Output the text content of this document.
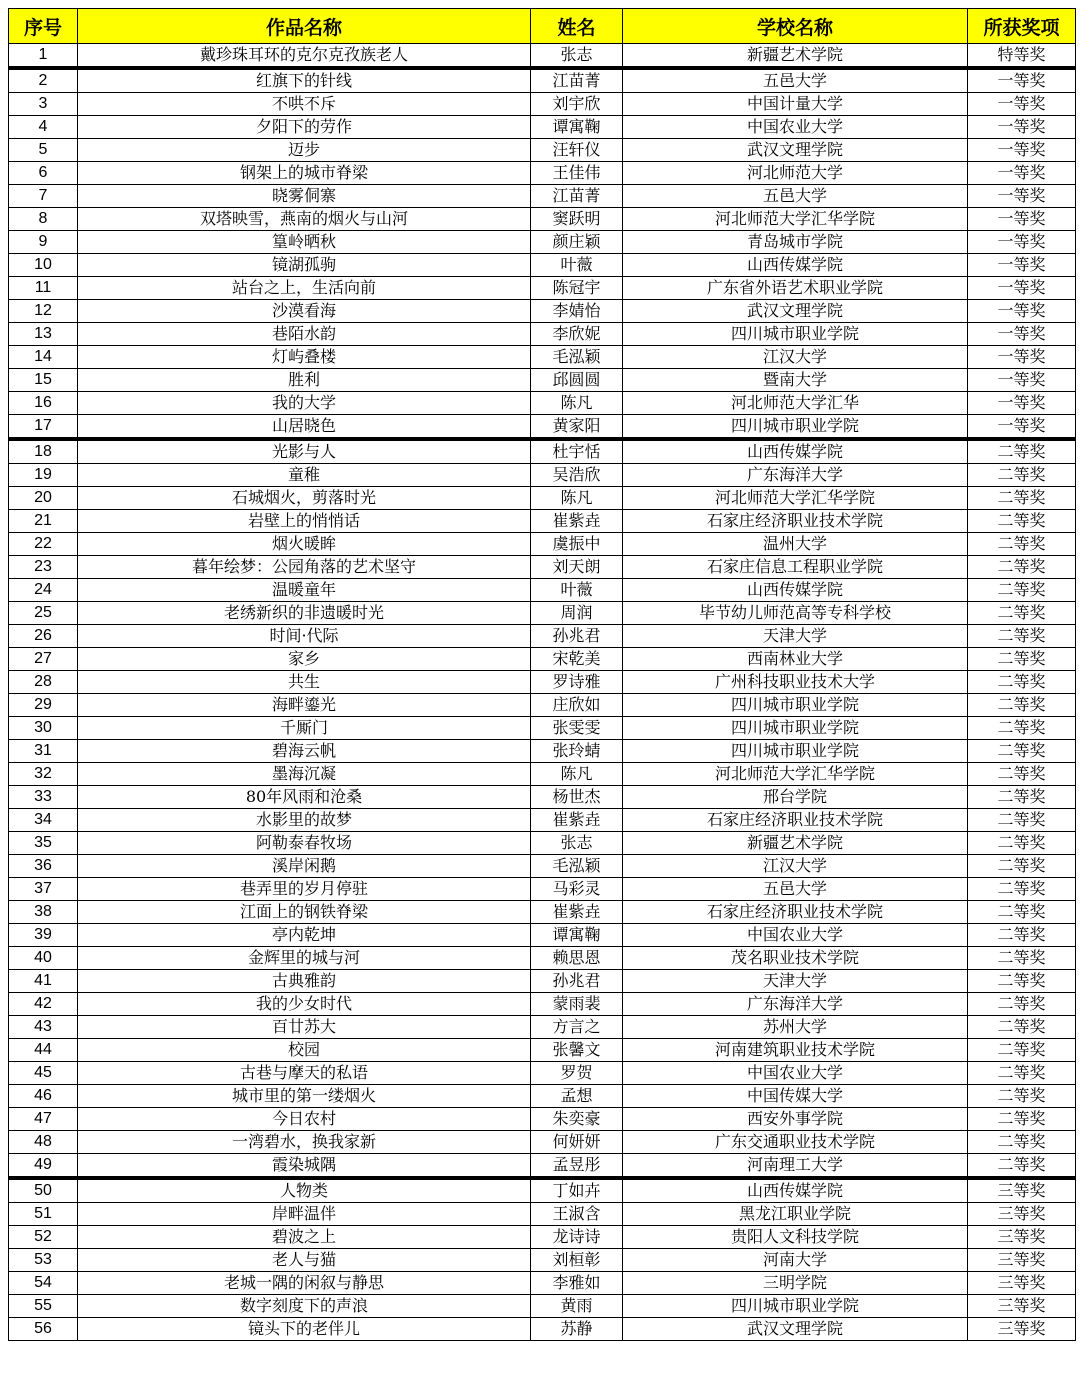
序号	作品名称	姓名	学校名称	所获奖项
1	戴珍珠耳环的克尔克孜族老人	张志	新疆艺术学院	特等奖
2	红旗下的针线	江苗菁	五邑大学	一等奖
3	不哄不斥	刘宇欣	中国计量大学	一等奖
4	夕阳下的劳作	谭寓鞠	中国农业大学	一等奖
5	迈步	汪轩仪	武汉文理学院	一等奖
6	钢架上的城市脊梁	王佳伟	河北师范大学	一等奖
7	晓雾侗寨	江苗菁	五邑大学	一等奖
8	双塔映雪，燕南的烟火与山河	窦跃明	河北师范大学汇华学院	一等奖
9	篁岭晒秋	颜庄颖	青岛城市学院	一等奖
10	镜湖孤驹	叶薇	山西传媒学院	一等奖
11	站台之上，生活向前	陈冠宇	广东省外语艺术职业学院	一等奖
12	沙漠看海	李婧怡	武汉文理学院	一等奖
13	巷陌水韵	李欣妮	四川城市职业学院	一等奖
14	灯屿叠楼	毛泓颖	江汉大学	一等奖
15	胜利	邱圆圆	暨南大学	一等奖
16	我的大学	陈凡	河北师范大学汇华	一等奖
17	山居晓色	黄家阳	四川城市职业学院	一等奖
18	光影与人	杜宇恬	山西传媒学院	二等奖
19	童稚	吴浩欣	广东海洋大学	二等奖
20	石城烟火，剪落时光	陈凡	河北师范大学汇华学院	二等奖
21	岩壁上的悄悄话	崔紫垚	石家庄经济职业技术学院	二等奖
22	烟火暖眸	虞振中	温州大学	二等奖
23	暮年绘梦：公园角落的艺术坚守	刘天朗	石家庄信息工程职业学院	二等奖
24	温暖童年	叶薇	山西传媒学院	二等奖
25	老绣新织的非遗暖时光	周润	毕节幼儿师范高等专科学校	二等奖
26	时间·代际	孙兆君	天津大学	二等奖
27	家乡	宋乾美	西南林业大学	二等奖
28	共生	罗诗雅	广州科技职业技术大学	二等奖
29	海畔鎏光	庄欣如	四川城市职业学院	二等奖
30	千厮门	张雯雯	四川城市职业学院	二等奖
31	碧海云帆	张玲蜻	四川城市职业学院	二等奖
32	墨海沉凝	陈凡	河北师范大学汇华学院	二等奖
33	80年风雨和沧桑	杨世杰	邢台学院	二等奖
34	水影里的故梦	崔紫垚	石家庄经济职业技术学院	二等奖
35	阿勒泰春牧场	张志	新疆艺术学院	二等奖
36	溪岸闲鹅	毛泓颖	江汉大学	二等奖
37	巷弄里的岁月停驻	马彩灵	五邑大学	二等奖
38	江面上的钢铁脊梁	崔紫垚	石家庄经济职业技术学院	二等奖
39	亭内乾坤	谭寓鞠	中国农业大学	二等奖
40	金辉里的城与河	赖思恩	茂名职业技术学院	二等奖
41	古典雅韵	孙兆君	天津大学	二等奖
42	我的少女时代	蒙雨裴	广东海洋大学	二等奖
43	百廿苏大	方言之	苏州大学	二等奖
44	校园	张馨文	河南建筑职业技术学院	二等奖
45	古巷与摩天的私语	罗贺	中国农业大学	二等奖
46	城市里的第一缕烟火	孟想	中国传媒大学	二等奖
47	今日农村	朱奕豪	西安外事学院	二等奖
48	一湾碧水，换我家新	何妍妍	广东交通职业技术学院	二等奖
49	霞染城隅	孟昱彤	河南理工大学	二等奖
50	人物类	丁如卉	山西传媒学院	三等奖
51	岸畔温伴	王淑含	黑龙江职业学院	三等奖
52	碧波之上	龙诗诗	贵阳人文科技学院	三等奖
53	老人与猫	刘桓彰	河南大学	三等奖
54	老城一隅的闲叙与静思	李雅如	三明学院	三等奖
55	数字刻度下的声浪	黄雨	四川城市职业学院	三等奖
56	镜头下的老伴儿	苏静	武汉文理学院	三等奖
